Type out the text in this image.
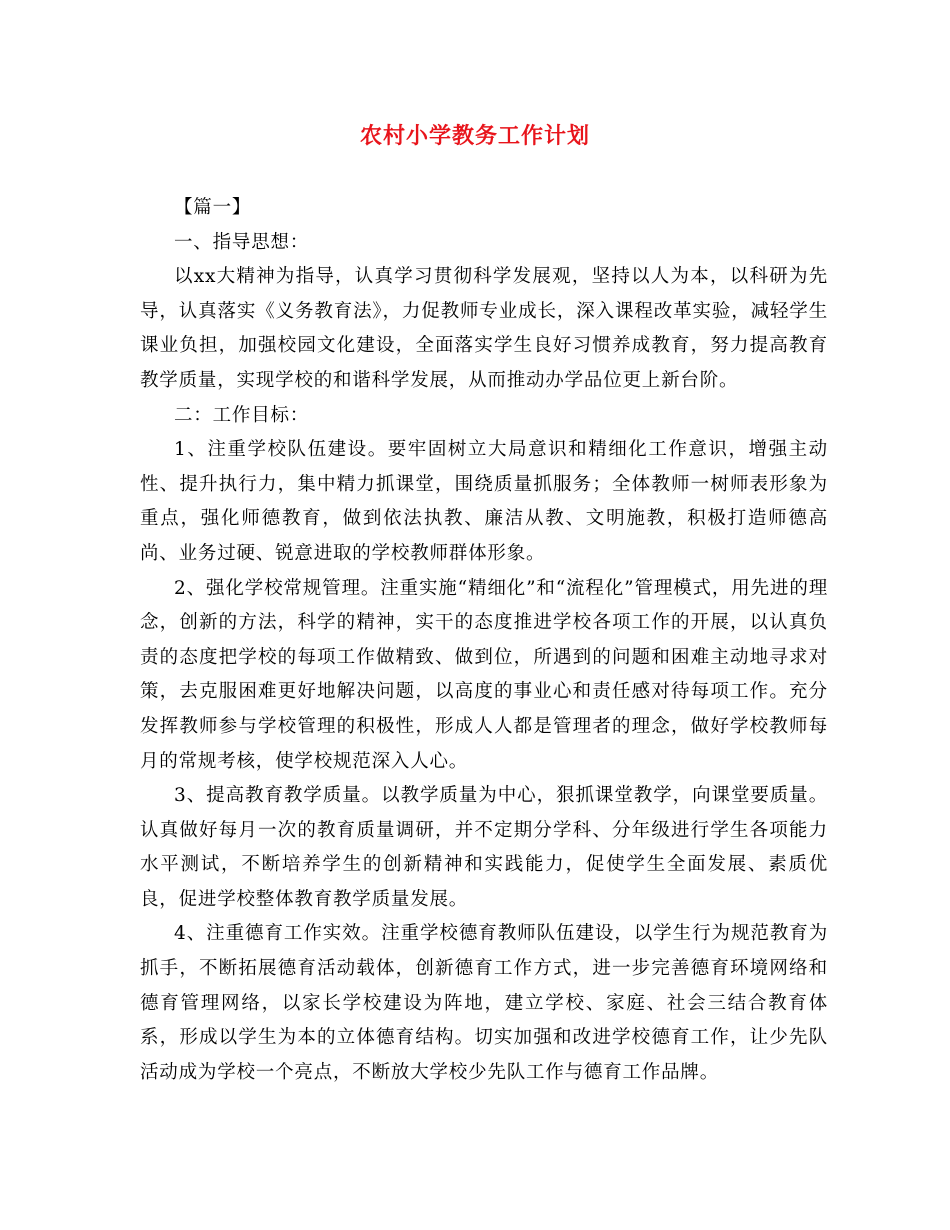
农村小学教务工作计划

【篇一】

一、指导思想：

以xx大精神为指导，认真学习贯彻科学发展观，坚持以人为本，以科研为先导，认真落实《义务教育法》，力促教师专业成长，深入课程改革实验，减轻学生课业负担，加强校园文化建设，全面落实学生良好习惯养成教育，努力提高教育教学质量，实现学校的和谐科学发展，从而推动办学品位更上新台阶。

二：工作目标：

1、注重学校队伍建设。要牢固树立大局意识和精细化工作意识，增强主动性、提升执行力，集中精力抓课堂，围绕质量抓服务；全体教师一树师表形象为重点，强化师德教育，做到依法执教、廉洁从教、文明施教，积极打造师德高尚、业务过硬、锐意进取的学校教师群体形象。

2、强化学校常规管理。注重实施“精细化”和“流程化”管理模式，用先进的理念，创新的方法，科学的精神，实干的态度推进学校各项工作的开展，以认真负责的态度把学校的每项工作做精致、做到位，所遇到的问题和困难主动地寻求对策，去克服困难更好地解决问题，以高度的事业心和责任感对待每项工作。充分发挥教师参与学校管理的积极性，形成人人都是管理者的理念，做好学校教师每月的常规考核，使学校规范深入人心。

3、提高教育教学质量。以教学质量为中心，狠抓课堂教学，向课堂要质量。认真做好每月一次的教育质量调研，并不定期分学科、分年级进行学生各项能力水平测试，不断培养学生的创新精神和实践能力，促使学生全面发展、素质优良，促进学校整体教育教学质量发展。

4、注重德育工作实效。注重学校德育教师队伍建设，以学生行为规范教育为抓手，不断拓展德育活动载体，创新德育工作方式，进一步完善德育环境网络和德育管理网络，以家长学校建设为阵地，建立学校、家庭、社会三结合教育体系，形成以学生为本的立体德育结构。切实加强和改进学校德育工作，让少先队活动成为学校一个亮点，不断放大学校少先队工作与德育工作品牌。
